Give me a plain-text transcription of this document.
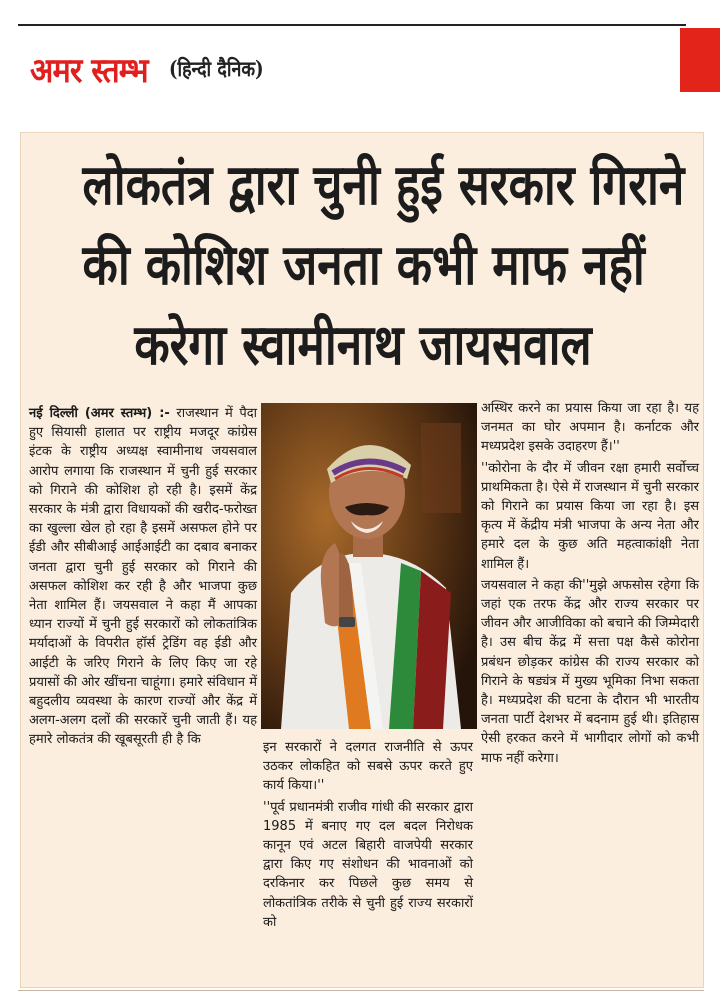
अमर स्तम्भ (हिन्दी दैनिक)
लोकतंत्र द्वारा चुनी हुई सरकार गिराने
की कोशिश जनता कभी माफ नहीं
करेगा स्वामीनाथ जायसवाल

नई दिल्ली (अमर स्तम्भ) :- राजस्थान में पैदा हुए सियासी हालात पर राष्ट्रीय मजदूर कांग्रेस इंटक के राष्ट्रीय अध्यक्ष स्वामीनाथ जयसवाल आरोप लगाया कि राजस्थान में चुनी हुई सरकार को गिराने की कोशिश हो रही है। इसमें केंद्र सरकार के मंत्री द्वारा विधायकों की खरीद-फरोख्त का खुल्ला खेल हो रहा है इसमें असफल होने पर ईडी और सीबीआई आईआईटी का दबाव बनाकर जनता द्वारा चुनी हुई सरकार को गिराने की असफल कोशिश कर रही है और भाजपा कुछ नेता शामिल हैं। जयसवाल ने कहा मैं आपका ध्यान राज्यों में चुनी हुई सरकारों को लोकतांत्रिक मर्यादाओं के विपरीत हॉर्स ट्रेडिंग वह ईडी और आईटी के जरिए गिराने के लिए किए जा रहे प्रयासों की ओर खींचना चाहूंगा। हमारे संविधान में बहुदलीय व्यवस्था के कारण राज्यों और केंद्र में अलग-अलग दलों की सरकारें चुनी जाती हैं। यह हमारे लोकतंत्र की खूबसूरती ही है कि

इन सरकारों ने दलगत राजनीति से ऊपर उठकर लोकहित को सबसे ऊपर करते हुए कार्य किया।''

''पूर्व प्रधानमंत्री राजीव गांधी की सरकार द्वारा 1985 में बनाए गए दल बदल निरोधक कानून एवं अटल बिहारी वाजपेयी सरकार द्वारा किए गए संशोधन की भावनाओं को दरकिनार कर पिछले कुछ समय से लोकतांत्रिक तरीके से चुनी हुई राज्य सरकारों को

अस्थिर करने का प्रयास किया जा रहा है। यह जनमत का घोर अपमान है। कर्नाटक और मध्यप्रदेश इसके उदाहरण हैं।''

''कोरोना के दौर में जीवन रक्षा हमारी सर्वोच्च प्राथमिकता है। ऐसे में राजस्थान में चुनी सरकार को गिराने का प्रयास किया जा रहा है। इस कृत्य में केंद्रीय मंत्री भाजपा के अन्य नेता और हमारे दल के कुछ अति महत्वाकांक्षी नेता शामिल हैं।

जयसवाल ने कहा की''मुझे अफसोस रहेगा कि जहां एक तरफ केंद्र और राज्य सरकार पर जीवन और आजीविका को बचाने की जिम्मेदारी है। उस बीच केंद्र में सत्ता पक्ष कैसे कोरोना प्रबंधन छोड़कर कांग्रेस की राज्य सरकार को गिराने के षड्यंत्र में मुख्य भूमिका निभा सकता है। मध्यप्रदेश की घटना के दौरान भी भारतीय जनता पार्टी देशभर में बदनाम हुई थी। इतिहास ऐसी हरकत करने में भागीदार लोगों को कभी माफ नहीं करेगा।
